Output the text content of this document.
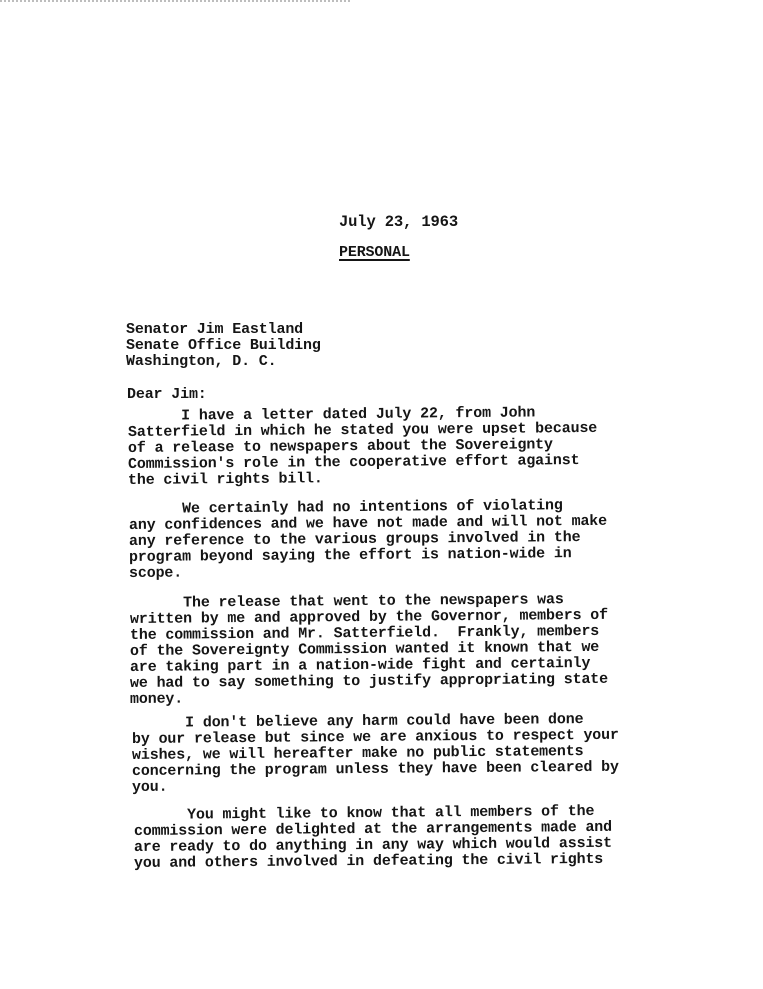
July 23, 1963
PERSONAL
Senator Jim Eastland
Senate Office Building
Washington, D. C.
Dear Jim:
I have a letter dated July 22, from John
Satterfield in which he stated you were upset because
of a release to newspapers about the Sovereignty
Commission's role in the cooperative effort against
the civil rights bill.
We certainly had no intentions of violating
any confidences and we have not made and will not make
any reference to the various groups involved in the
program beyond saying the effort is nation-wide in
scope.
The release that went to the newspapers was
written by me and approved by the Governor, members of
the commission and Mr. Satterfield.  Frankly, members
of the Sovereignty Commission wanted it known that we
are taking part in a nation-wide fight and certainly
we had to say something to justify appropriating state
money.
I don't believe any harm could have been done
by our release but since we are anxious to respect your
wishes, we will hereafter make no public statements
concerning the program unless they have been cleared by
you.
You might like to know that all members of the
commission were delighted at the arrangements made and
are ready to do anything in any way which would assist
you and others involved in defeating the civil rights
